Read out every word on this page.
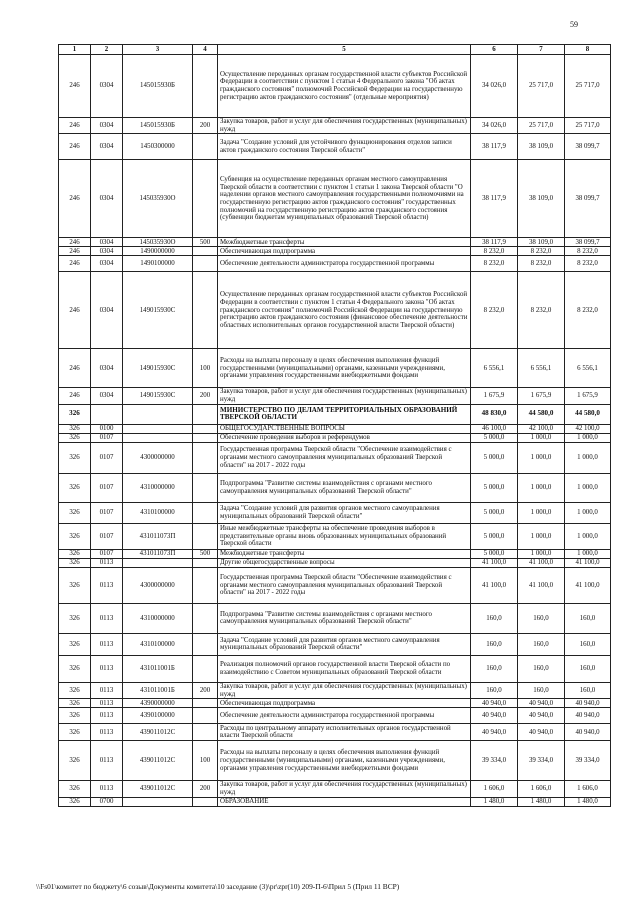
59
1	2	3	4	5	6	7	8
246	0304	145015930Б		Осуществление переданных органам государственной власти субъектов Российской Федерации в соответствии с пунктом 1 статьи 4 Федерального закона "Об актах гражданского состояния" полномочий Российской Федерации на государственную регистрацию актов гражданского состояния" (отдельные мероприятия)	34 026,0	25 717,0	25 717,0
246	0304	145015930Б	200	Закупка товаров, работ и услуг для обеспечения государственных (муниципальных) нужд	34 026,0	25 717,0	25 717,0
246	0304	1450300000		Задача "Создание условий для устойчивого функционирования отделов записи актов гражданского состояния Тверской области"	38 117,9	38 109,0	38 099,7
246	0304	145035930О		Субвенция на осуществление переданных органам местного самоуправления Тверской области в соответствии с пунктом 1 статьи 1 закона Тверской области "О наделении органов местного самоуправления государственными полномочиями на государственную регистрацию актов гражданского состояния" государственных полномочий на государственную регистрацию актов гражданского состояния (субвенции бюджетам муниципальных образований Тверской области)	38 117,9	38 109,0	38 099,7
246	0304	145035930О	500	Межбюджетные трансферты	38 117,9	38 109,0	38 099,7
246	0304	1490000000		Обеспечивающая подпрограмма	8 232,0	8 232,0	8 232,0
246	0304	1490100000		Обеспечение деятельности администратора государственной программы	8 232,0	8 232,0	8 232,0
246	0304	149015930С		Осуществление переданных органам государственной власти субъектов Российской Федерации в соответствии с пунктом 1 статьи 4 Федерального закона "Об актах гражданского состояния" полномочий Российской Федерации на государственную регистрацию актов гражданского состояния (финансовое обеспечение деятельности областных исполнительных органов государственной власти Тверской области)	8 232,0	8 232,0	8 232,0
246	0304	149015930С	100	Расходы на выплаты персоналу в целях обеспечения выполнения функций государственными (муниципальными) органами, казенными учреждениями, органами управления государственными внебюджетными фондами	6 556,1	6 556,1	6 556,1
246	0304	149015930С	200	Закупка товаров, работ и услуг для обеспечения государственных (муниципальных) нужд	1 675,9	1 675,9	1 675,9
326				МИНИСТЕРСТВО ПО ДЕЛАМ ТЕРРИТОРИАЛЬНЫХ ОБРАЗОВАНИЙ ТВЕРСКОЙ ОБЛАСТИ	48 830,0	44 580,0	44 580,0
326	0100			ОБЩЕГОСУДАРСТВЕННЫЕ ВОПРОСЫ	46 100,0	42 100,0	42 100,0
326	0107			Обеспечение проведения выборов и референдумов	5 000,0	1 000,0	1 000,0
326	0107	4300000000		Государственная программа Тверской области "Обеспечение взаимодействия с органами местного самоуправления муниципальных образований Тверской области" на 2017 - 2022 годы	5 000,0	1 000,0	1 000,0
326	0107	4310000000		Подпрограмма "Развитие системы взаимодействия с органами местного самоуправления муниципальных образований Тверской области"	5 000,0	1 000,0	1 000,0
326	0107	4310100000		Задача "Создание условий для развития органов местного самоуправления муниципальных образований Тверской области"	5 000,0	1 000,0	1 000,0
326	0107	431011073П		Иные межбюджетные трансферты на обеспечение проведения выборов в представительные органы вновь образованных муниципальных образований Тверской области	5 000,0	1 000,0	1 000,0
326	0107	431011073П	500	Межбюджетные трансферты	5 000,0	1 000,0	1 000,0
326	0113			Другие общегосударственные вопросы	41 100,0	41 100,0	41 100,0
326	0113	4300000000		Государственная программа Тверской области "Обеспечение взаимодействия с органами местного самоуправления муниципальных образований Тверской области" на 2017 - 2022 годы	41 100,0	41 100,0	41 100,0
326	0113	4310000000		Подпрограмма "Развитие системы взаимодействия с органами местного самоуправления муниципальных образований Тверской области"	160,0	160,0	160,0
326	0113	4310100000		Задача "Создание условий для развития органов местного самоуправления муниципальных образований Тверской области"	160,0	160,0	160,0
326	0113	431011001Б		Реализация полномочий органов государственной власти Тверской области по взаимодействию с Советом муниципальных образований Тверской области	160,0	160,0	160,0
326	0113	431011001Б	200	Закупка товаров, работ и услуг для обеспечения государственных (муниципальных) нужд	160,0	160,0	160,0
326	0113	4390000000		Обеспечивающая подпрограмма	40 940,0	40 940,0	40 940,0
326	0113	4390100000		Обеспечение деятельности администратора государственной программы	40 940,0	40 940,0	40 940,0
326	0113	439011012С		Расходы по центральному аппарату исполнительных органов государственной власти Тверской области	40 940,0	40 940,0	40 940,0
326	0113	439011012С	100	Расходы на выплаты персоналу в целях обеспечения выполнения функций государственными (муниципальными) органами, казенными учреждениями, органами управления государственными внебюджетными фондами	39 334,0	39 334,0	39 334,0
326	0113	439011012С	200	Закупка товаров, работ и услуг для обеспечения государственных (муниципальных) нужд	1 606,0	1 606,0	1 606,0
326	0700			ОБРАЗОВАНИЕ	1 480,0	1 480,0	1 480,0
\\Fs01\комитет по бюджету\6 созыв\Документы комитета\10 заседание (3)\pr\zpr(10) 209-П-6\Прил 5 (Прил 11 ВСР)
